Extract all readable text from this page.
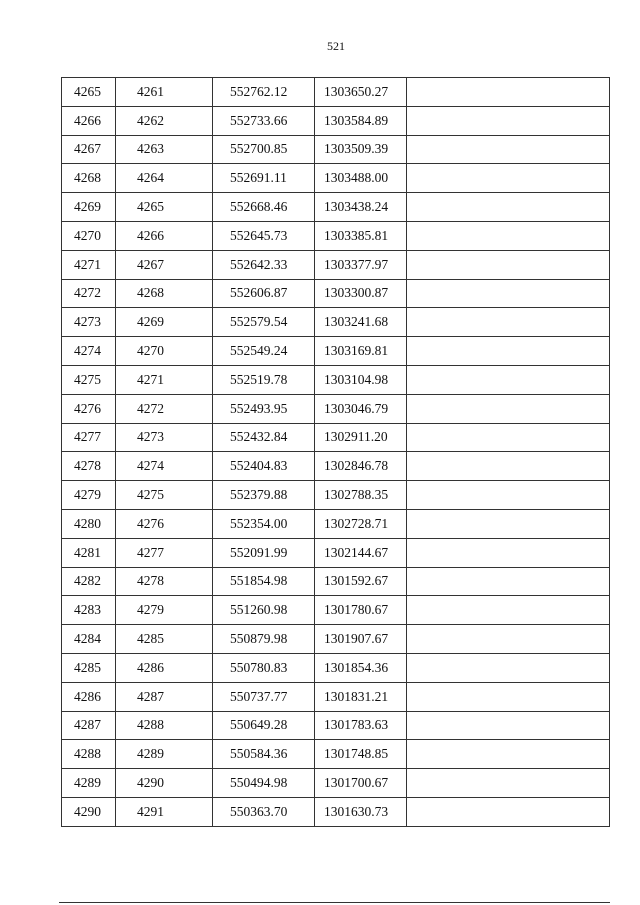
521
4265	4261	552762.12	1303650.27	
4266	4262	552733.66	1303584.89	
4267	4263	552700.85	1303509.39	
4268	4264	552691.11	1303488.00	
4269	4265	552668.46	1303438.24	
4270	4266	552645.73	1303385.81	
4271	4267	552642.33	1303377.97	
4272	4268	552606.87	1303300.87	
4273	4269	552579.54	1303241.68	
4274	4270	552549.24	1303169.81	
4275	4271	552519.78	1303104.98	
4276	4272	552493.95	1303046.79	
4277	4273	552432.84	1302911.20	
4278	4274	552404.83	1302846.78	
4279	4275	552379.88	1302788.35	
4280	4276	552354.00	1302728.71	
4281	4277	552091.99	1302144.67	
4282	4278	551854.98	1301592.67	
4283	4279	551260.98	1301780.67	
4284	4285	550879.98	1301907.67	
4285	4286	550780.83	1301854.36	
4286	4287	550737.77	1301831.21	
4287	4288	550649.28	1301783.63	
4288	4289	550584.36	1301748.85	
4289	4290	550494.98	1301700.67	
4290	4291	550363.70	1301630.73	
